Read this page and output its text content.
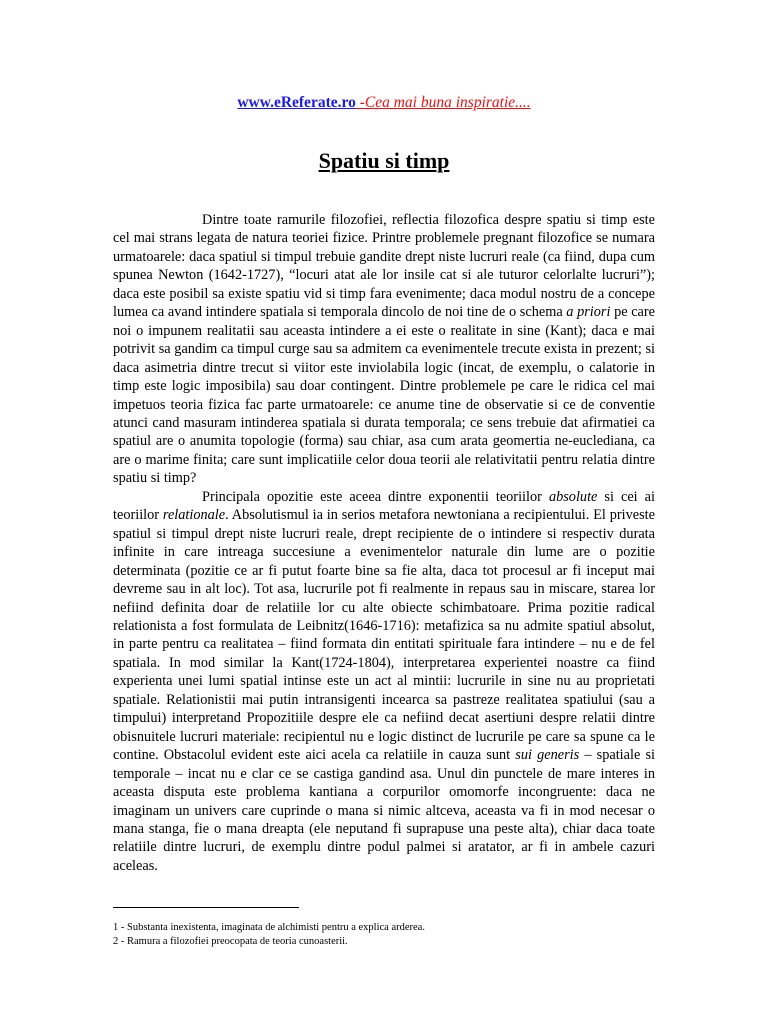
www.eReferate.ro -Cea mai buna inspiratie....
Spatiu si timp

Dintre toate ramurile filozofiei, reflectia filozofica despre spatiu si timp este cel mai strans legata de natura teoriei fizice. Printre problemele pregnant filozofice se numara urmatoarele: daca spatiul si timpul trebuie gandite drept niste lucruri reale (ca fiind, dupa cum spunea Newton (1642-1727), “locuri atat ale lor insile cat si ale tuturor celorlalte lucruri”); daca este posibil sa existe spatiu vid si timp fara evenimente; daca modul nostru de a concepe lumea ca avand intindere spatiala si temporala dincolo de noi tine de o schema a priori pe care noi o impunem realitatii sau aceasta intindere a ei este o realitate in sine (Kant); daca e mai potrivit sa gandim ca timpul curge sau sa admitem ca evenimentele trecute exista in prezent; si daca asimetria dintre trecut si viitor este inviolabila logic (incat, de exemplu, o calatorie in timp este logic imposibila) sau doar contingent. Dintre problemele pe care le ridica cel mai impetuos teoria fizica fac parte urmatoarele: ce anume tine de observatie si ce de conventie atunci cand masuram intinderea spatiala si durata temporala; ce sens trebuie dat afirmatiei ca spatiul are o anumita topologie (forma) sau chiar, asa cum arata geomertia ne-eucledіana, ca are o marime finita; care sunt implicatiile celor doua teorii ale relativitatii pentru relatia dintre spatiu si timp?

Principala opozitie este aceea dintre exponentii teoriilor absolute si cei ai teoriilor relationale. Absolutismul ia in serios metafora newtoniana a recipientului. El priveste spatiul si timpul drept niste lucruri reale, drept recipiente de o intindere si respectiv durata infinite in care intreaga succesiune a evenimentelor naturale din lume are o pozitie determinata (pozitie ce ar fi putut foarte bine sa fie alta, daca tot procesul ar fi inceput mai devreme sau in alt loc). Tot asa, lucrurile pot fi realmente in repaus sau in miscare, starea lor nefiind definita doar de relatiile lor cu alte obiecte schimbatoare. Prima pozitie radical relationista a fost formulata de Leibnitz(1646-1716): metafizica sa nu admite spatiul absolut, in parte pentru ca realitatea – fiind formata din entitati spirituale fara intindere – nu e de fel spatiala. In mod similar la Kant(1724-1804), interpretarea experientei noastre ca fiind experienta unei lumi spatial intinse este un act al mintii: lucrurile in sine nu au proprietati spatiale. Relationistii mai putin intransigenti incearca sa pastreze realitatea spatiului (sau a timpului) interpretand Propozitiile despre ele ca nefiind decat asertiuni despre relatii dintre obisnuitele lucruri materiale: recipientul nu e logic distinct de lucrurile pe care sa spune ca le contine. Obstacolul evident este aici acela ca relatiile in cauza sunt sui generis – spatiale si temporale – incat nu e clar ce se castiga gandind asa. Unul din punctele de mare interes in aceasta disputa este problema kantiana a corpurilor omomorfe incongruente: daca ne imaginam un univers care cuprinde o mana si nimic altceva, aceasta va fi in mod necesar o mana stanga, fie o mana dreapta (ele neputand fi suprapuse una peste alta), chiar daca toate relatiile dintre lucruri, de exemplu dintre podul palmei si aratator, ar fi in ambele cazuri aceleas.

1 - Substanta inexistenta, imaginata de alchimisti pentru a explica arderea.
2 - Ramura a filozofiei preocopata de teoria cunoasterii.
